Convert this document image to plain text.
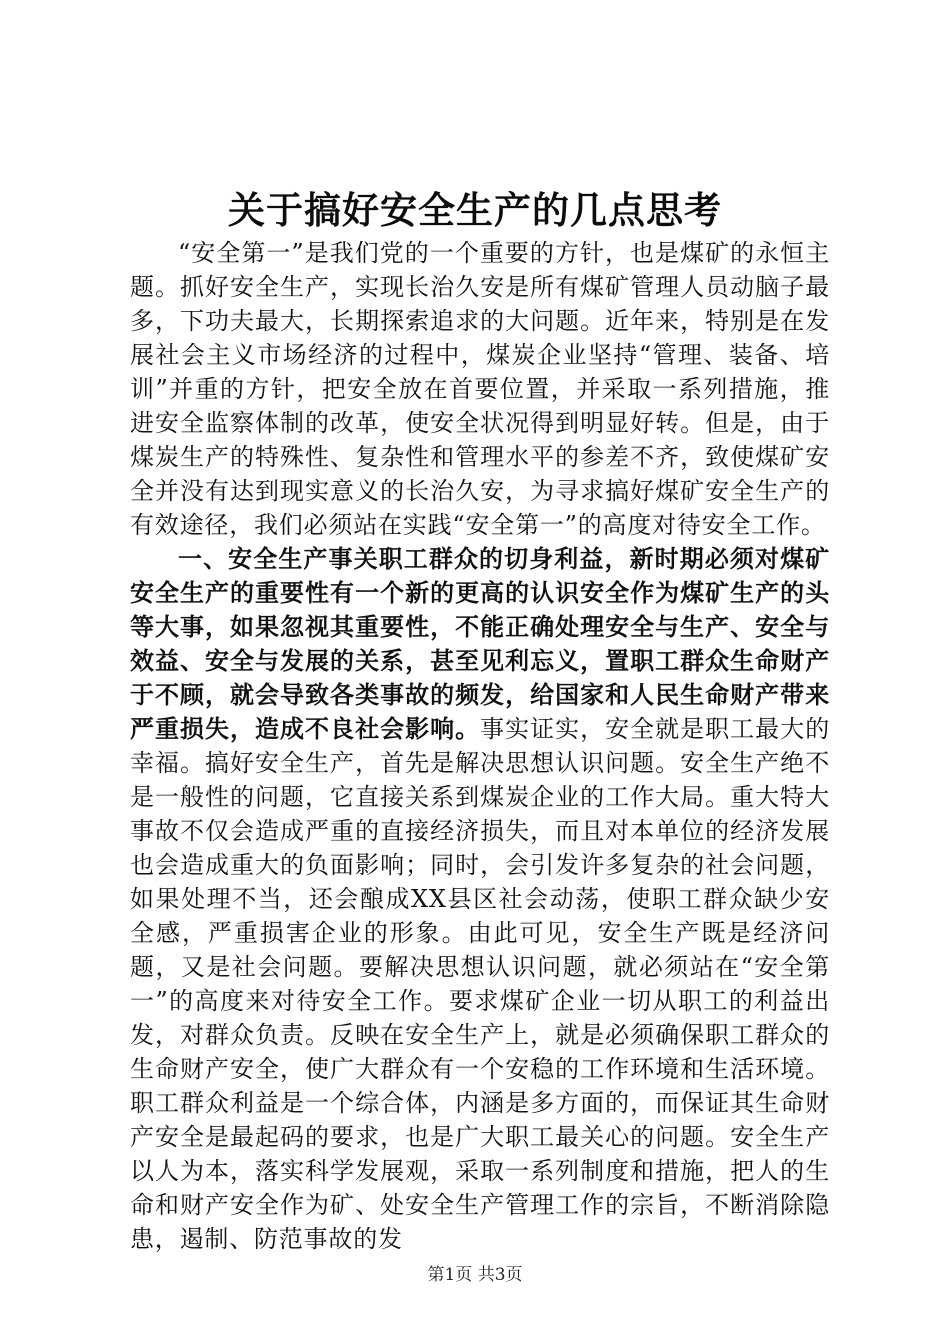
关于搞好安全生产的几点思考

“安全第一”是我们党的一个重要的方针，也是煤矿的永恒主题。抓好安全生产，实现长治久安是所有煤矿管理人员动脑子最多，下功夫最大，长期探索追求的大问题。近年来，特别是在发展社会主义市场经济的过程中，煤炭企业坚持“管理、装备、培训”并重的方针，把安全放在首要位置，并采取一系列措施，推进安全监察体制的改革，使安全状况得到明显好转。但是，由于煤炭生产的特殊性、复杂性和管理水平的参差不齐，致使煤矿安全并没有达到现实意义的长治久安，为寻求搞好煤矿安全生产的有效途径，我们必须站在实践“安全第一”的高度对待安全工作。

一、安全生产事关职工群众的切身利益，新时期必须对煤矿安全生产的重要性有一个新的更高的认识安全作为煤矿生产的头等大事，如果忽视其重要性，不能正确处理安全与生产、安全与效益、安全与发展的关系，甚至见利忘义，置职工群众生命财产于不顾，就会导致各类事故的频发，给国家和人民生命财产带来严重损失，造成不良社会影响。事实证实，安全就是职工最大的幸福。搞好安全生产，首先是解决思想认识问题。安全生产绝不是一般性的问题，它直接关系到煤炭企业的工作大局。重大特大事故不仅会造成严重的直接经济损失，而且对本单位的经济发展也会造成重大的负面影响；同时，会引发许多复杂的社会问题，如果处理不当，还会酿成XX县区社会动荡，使职工群众缺少安全感，严重损害企业的形象。由此可见，安全生产既是经济问题，又是社会问题。要解决思想认识问题，就必须站在“安全第一”的高度来对待安全工作。要求煤矿企业一切从职工的利益出发，对群众负责。反映在安全生产上，就是必须确保职工群众的生命财产安全，使广大群众有一个安稳的工作环境和生活环境。职工群众利益是一个综合体，内涵是多方面的，而保证其生命财产安全是最起码的要求，也是广大职工最关心的问题。安全生产以人为本，落实科学发展观，采取一系列制度和措施，把人的生命和财产安全作为矿、处安全生产管理工作的宗旨，不断消除隐患，遏制、防范事故的发

第1页 共3页
